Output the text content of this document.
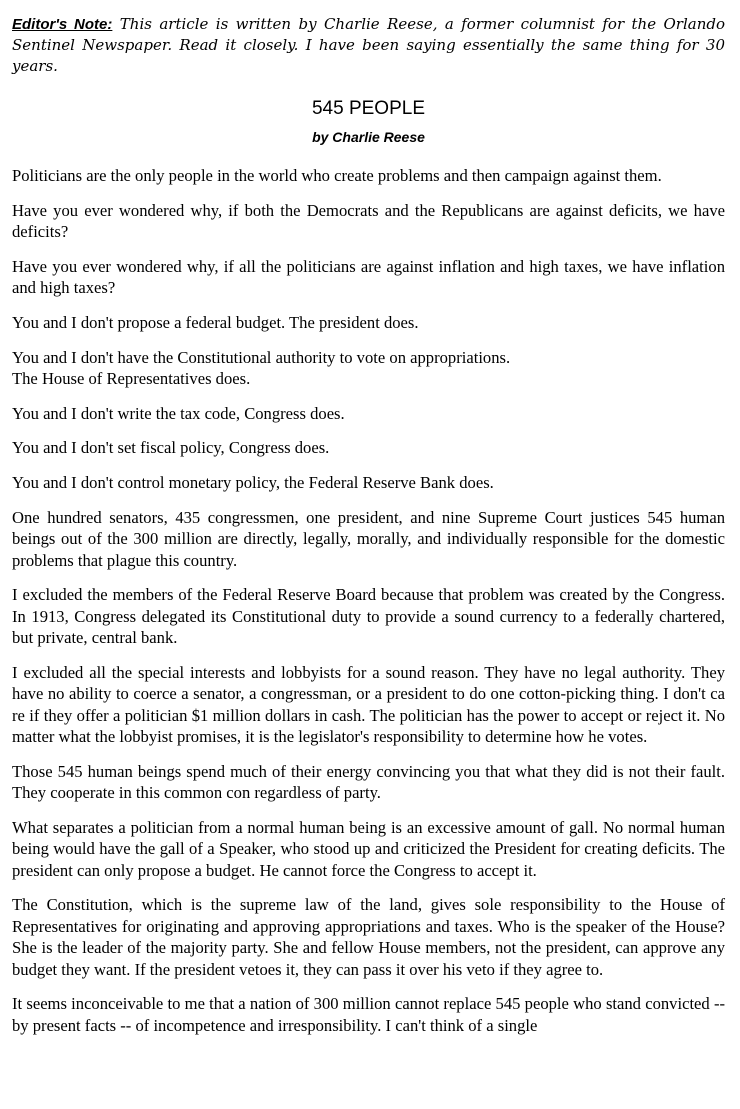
Editor's Note: This article is written by Charlie Reese, a former columnist for the Orlando Sentinel Newspaper. Read it closely. I have been saying essentially the same thing for 30 years.

545 PEOPLE
by Charlie Reese

Politicians are the only people in the world who create problems and then campaign against them.

Have you ever wondered why, if both the Democrats and the Republicans are against deficits, we have deficits?

Have you ever wondered why, if all the politicians are against inflation and high taxes, we have inflation and high taxes?

You and I don't propose a federal budget. The president does.

You and I don't have the Constitutional authority to vote on appropriations.
The House of Representatives does.

You and I don't write the tax code, Congress does.

You and I don't set fiscal policy, Congress does.

You and I don't control monetary policy, the Federal Reserve Bank does.

One hundred senators, 435 congressmen, one president, and nine Supreme Court justices 545 human beings out of the 300 million are directly, legally, morally, and individually responsible for the domestic problems that plague this country.

I excluded the members of the Federal Reserve Board because that problem was created by the Congress. In 1913, Congress delegated its Constitutional duty to provide a sound currency to a federally chartered, but private, central bank.

I excluded all the special interests and lobbyists for a sound reason. They have no legal authority. They have no ability to coerce a senator, a congressman, or a president to do one cotton-picking thing. I don't ca re if they offer a politician $1 million dollars in cash. The politician has the power to accept or reject it. No matter what the lobbyist promises, it is the legislator's responsibility to determine how he votes.

Those 545 human beings spend much of their energy convincing you that what they did is not their fault. They cooperate in this common con regardless of party.

What separates a politician from a normal human being is an excessive amount of gall. No normal human being would have the gall of a Speaker, who stood up and criticized the President for creating deficits. The president can only propose a budget. He cannot force the Congress to accept it.

The Constitution, which is the supreme law of the land, gives sole responsibility to the House of Representatives for originating and approving appropriations and taxes. Who is the speaker of the House? She is the leader of the majority party. She and fellow House members, not the president, can approve any budget they want. If the president vetoes it, they can pass it over his veto if they agree to.

It seems inconceivable to me that a nation of 300 million cannot replace 545 people who stand convicted -- by present facts -- of incompetence and irresponsibility. I can't think of a single
